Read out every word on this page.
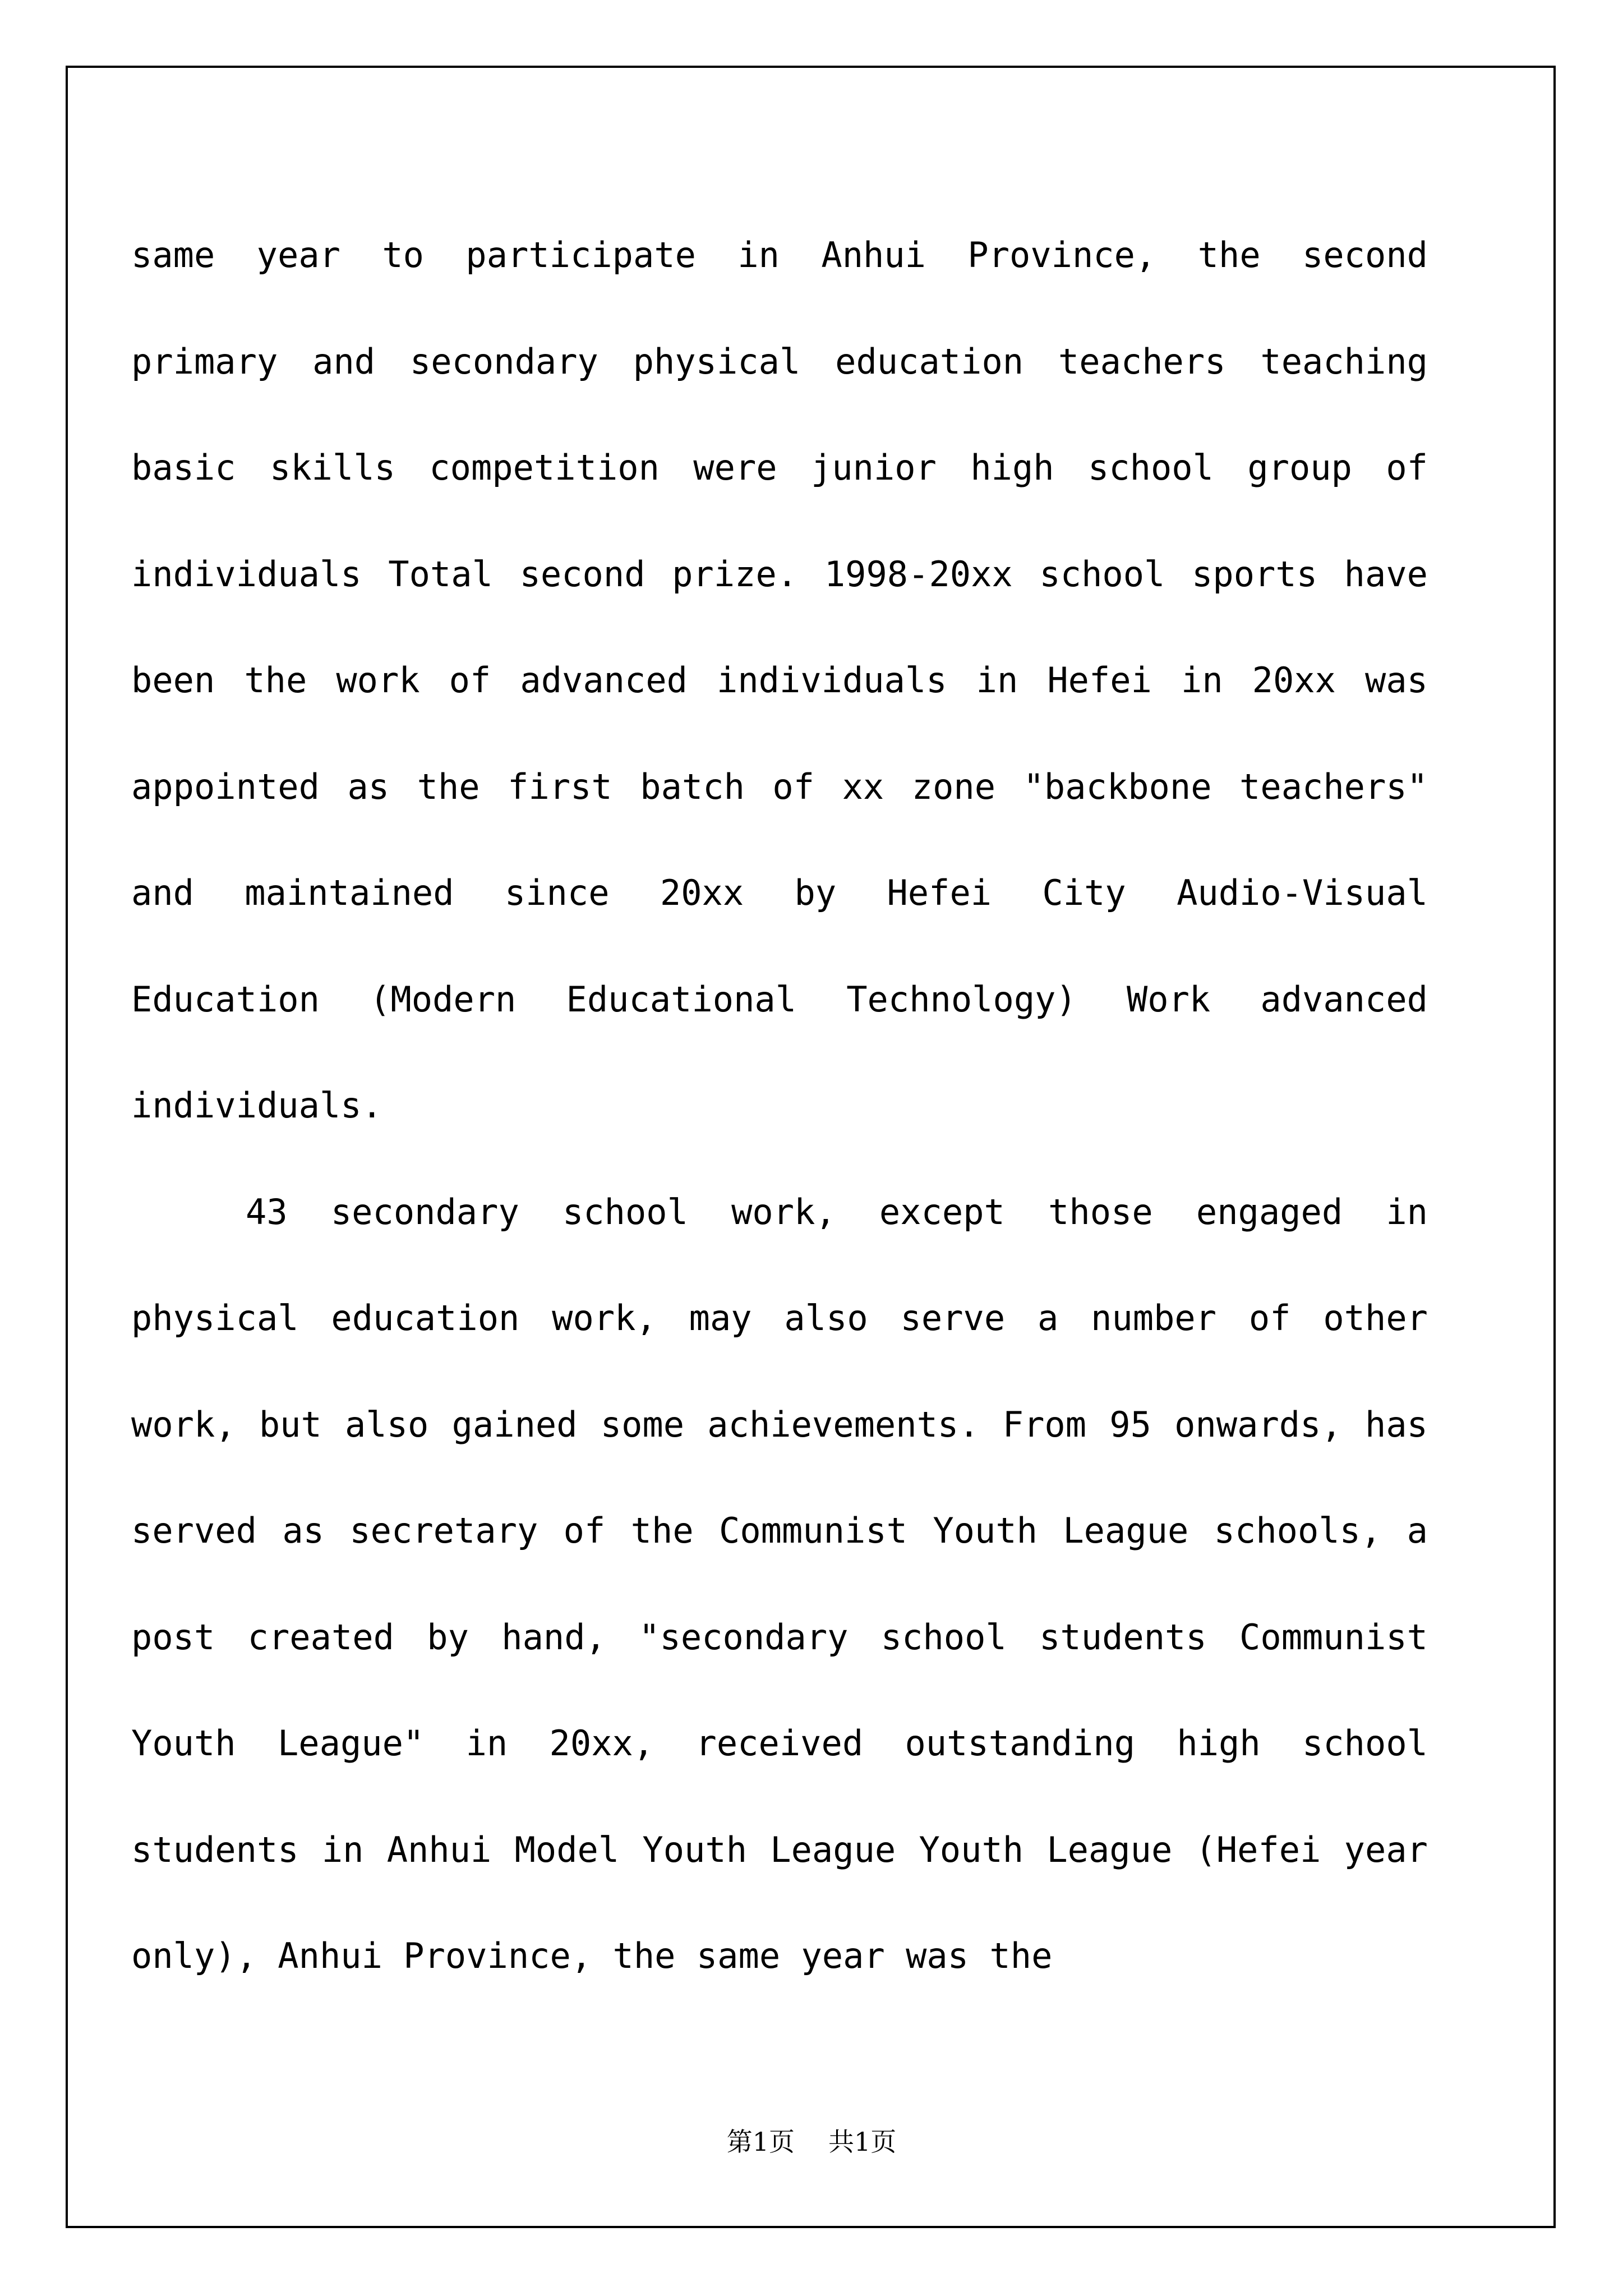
same year to participate in Anhui Province, the second primary and secondary physical education teachers teaching basic skills competition were junior high school group of individuals Total second prize. 1998-20xx school sports have been the work of advanced individuals in Hefei in 20xx was appointed as the first batch of xx zone "backbone teachers" and maintained since 20xx by Hefei City Audio-Visual Education (Modern Educational Technology) Work advanced individuals.

43 secondary school work, except those engaged in physical education work, may also serve a number of other work, but also gained some achievements. From 95 onwards, has served as secretary of the Communist Youth League schools, a post created by hand, "secondary school students Communist Youth League" in 20xx, received outstanding high school students in Anhui Model Youth League Youth League (Hefei year only), Anhui Province, the same year was the

第1页 共1页
